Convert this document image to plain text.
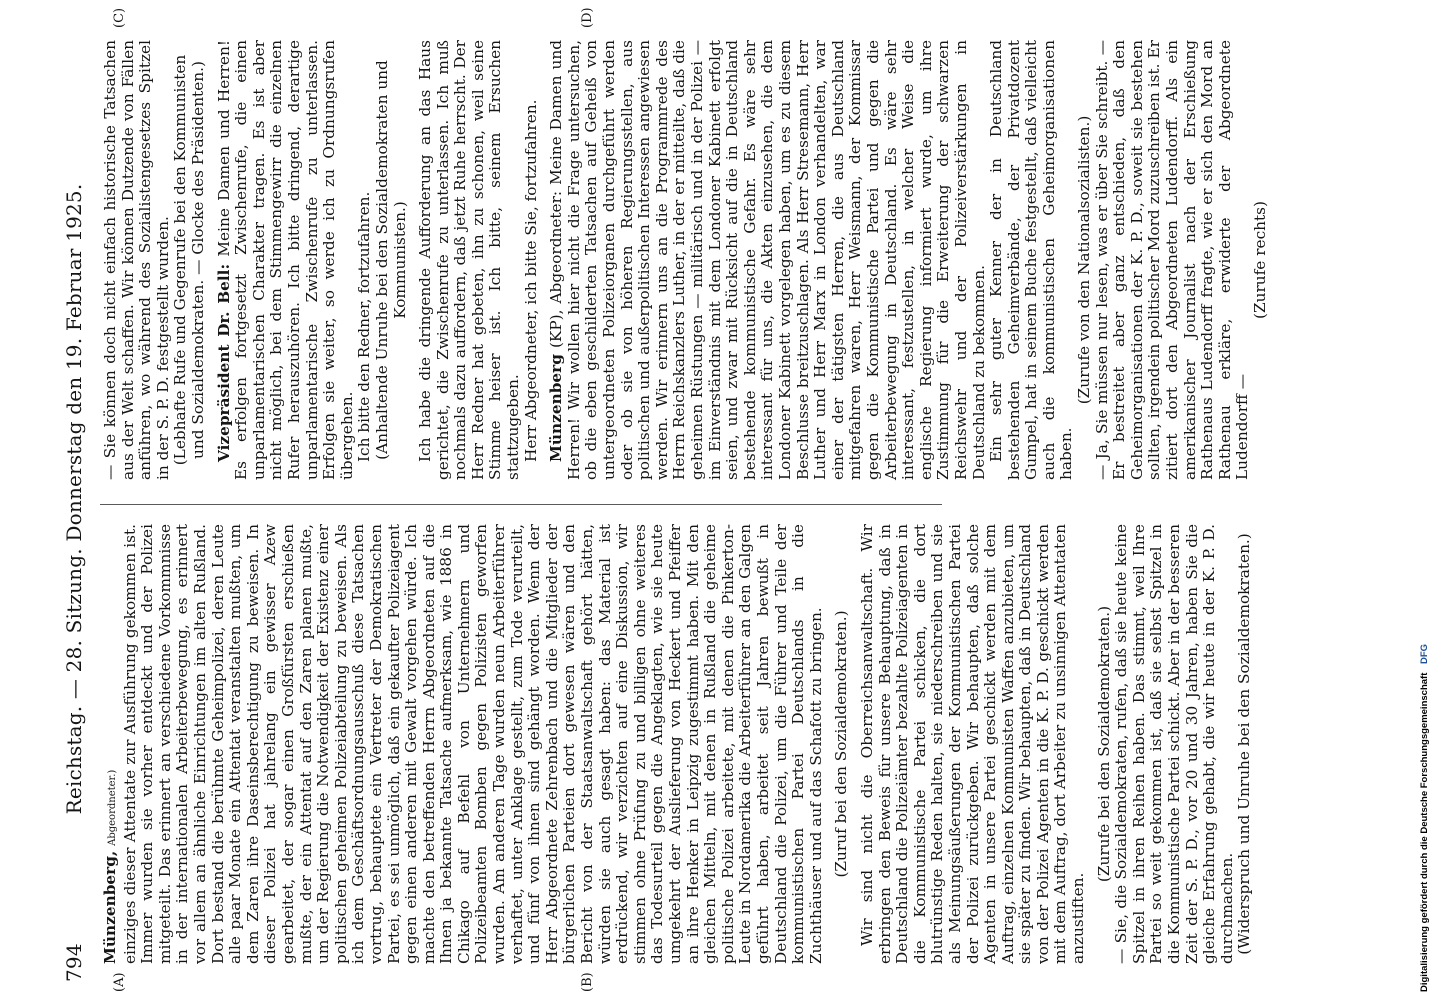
794
Reichstag. — 28. Sitzung. Donnerstag den 19. Februar 1925.
(A)	(B)
(C)	(D)

Münzenberg, Abgeordneter.) einziges dieser Attentate zur Ausführung gekommen ist. Immer wurden sie vorher entdeckt und der Polizei mitgeteilt. Das erinnert an verschiedene Vorkommnisse in der internationalen Arbeiterbewegung, es erinnert vor allem an ähnliche Einrichtungen im alten Rußland. Dort bestand die berühmte Geheimpolizei, deren Leute alle paar Monate ein Attentat veranstalten mußten, um dem Zaren ihre Daseinsberechtigung zu beweisen. In dieser Polizei hat jahrelang ein gewisser Azew gearbeitet, der sogar einen Großfürsten erschießen mußte, der ein Attentat auf den Zaren planen mußte, um der Regierung die Notwendigkeit der Existenz einer politischen geheimen Polizeiabteilung zu beweisen. Als ich dem Geschäftsordnungsausschuß diese Tatsachen vortrug, behauptete ein Vertreter der Demokratischen Partei, es sei unmöglich, daß ein gekaufter Polizeiagent gegen einen anderen mit Gewalt vorgehen würde. Ich machte den betreffenden Herrn Abgeordneten auf die Ihnen ja bekannte Tatsache aufmerksam, wie 1886 in Chikago auf Befehl von Unternehmern und Polizeibeamten Bomben gegen Polizisten geworfen wurden. Am anderen Tage wurden neun Arbeiterführer verhaftet, unter Anklage gestellt, zum Tode verurteilt, und fünf von ihnen sind gehängt worden. Wenn der Herr Abgeordnete Zehrenbach und die Mitglieder der bürgerlichen Parteien dort gewesen wären und den Bericht von der Staatsanwaltschaft gehört hätten, würden sie auch gesagt haben: das Material ist erdrückend, wir verzichten auf eine Diskussion, wir stimmen ohne Prüfung zu und billigen ohne weiteres das Todesurteil gegen die Angeklagten, wie sie heute umgekehrt der Auslieferung von Heckert und Pfeiffer an ihre Henker in Leipzig zugestimmt haben. Mit den gleichen Mitteln, mit denen in Rußland die geheime politische Polizei arbeitete, mit denen die Pinkerton-Leute in Nordamerika die Arbeiterführer an den Galgen geführt haben, arbeitet seit Jahren bewußt in Deutschland die Polizei, um die Führer und Teile der kommunistischen Partei Deutschlands in die Zuchthäuser und auf das Schafott zu bringen. (Zuruf bei den Sozialdemokraten.) Wir sind nicht die Oberreichsanwaltschaft. Wir erbringen den Beweis für unsere Behauptung, daß in Deutschland die Polizeiämter bezahlte Polizeiagenten in die Kommunistische Partei schicken, die dort blutrünstige Reden halten, sie niederschreiben und sie als Meinungsäußerungen der Kommunistischen Partei der Polizei zurückgeben. Wir behaupten, daß solche Agenten in unsere Partei geschickt werden mit dem Auftrag, einzelnen Kommunisten Waffen anzubieten, um sie später zu finden. Wir behaupten, daß in Deutschland von der Polizei Agenten in die K. P. D. geschickt werden mit dem Auftrag, dort Arbeiter zu unsinnigen Attentaten anzustiften.

(Zurufe bei den Sozialdemokraten.) — Sie, die Sozialdemokraten, rufen, daß sie heute keine Spitzel in ihren Reihen haben. Das stimmt, weil Ihre Partei so weit gekommen ist, daß sie selbst Spitzel in die Kommunistische Partei schickt. Aber in der besseren Zeit der S. P. D., vor 20 und 30 Jahren, haben Sie die gleiche Erfahrung gehabt, die wir heute in der K. P. D. durchmachen. (Widerspruch und Unruhe bei den Sozialdemokraten.)

— Sie können doch nicht einfach historische Tatsachen aus der Welt schaffen. Wir können Dutzende von Fällen anführen, wo während des Sozialistengesetzes Spitzel in der S. P. D. festgestellt wurden. (Lebhafte Rufe und Gegenrufe bei den Kommunisten und Sozialdemokraten. — Glocke des Präsidenten.) Vizepräsident Dr. Bell: Meine Damen und Herren! Es erfolgen fortgesetzt Zwischenrufe, die einen unparlamentarischen Charakter tragen. Es ist aber nicht möglich, bei dem Stimmengewirr die einzelnen Rufer herauszuhören. Ich bitte dringend, derartige unparlamentarische Zwischenrufe zu unterlassen. Erfolgen sie weiter, so werde ich zu Ordnungsrufen übergehen. Ich bitte den Redner, fortzufahren. (Anhaltende Unruhe bei den Sozialdemokraten und Kommunisten.) Ich habe die dringende Aufforderung an das Haus gerichtet, die Zwischenrufe zu unterlassen. Ich muß nochmals dazu auffordern, daß jetzt Ruhe herrscht. Der Herr Redner hat gebeten, ihn zu schonen, weil seine Stimme heiser ist. Ich bitte, seinem Ersuchen stattzugeben. Herr Abgeordneter, ich bitte Sie, fortzufahren. Münzenberg (KP), Abgeordneter: Meine Damen und Herren! Wir wollen hier nicht die Frage untersuchen, ob die eben geschilderten Tatsachen auf Geheiß von untergeordneten Polizeiorganen durchgeführt werden oder ob sie von höheren Regierungsstellen, aus politischen und außerpolitischen Interessen angewiesen werden. Wir erinnern uns an die Programmrede des Herrn Reichskanzlers Luther, in der er mitteilte, daß die geheimen Rüstungen — militärisch und in der Polizei — im Einverständnis mit dem Londoner Kabinett erfolgt seien, und zwar mit Rücksicht auf die in Deutschland bestehende kommunistische Gefahr. Es wäre sehr interessant für uns, die Akten einzusehen, die dem Londoner Kabinett vorgelegen haben, um es zu diesem Beschlusse breitzuschlagen. Als Herr Stresemann, Herr Luther und Herr Marx in London verhandelten, war einer der tätigsten Herren, die aus Deutschland mitgefahren waren, Herr Weismann, der Kommissar gegen die Kommunistische Partei und gegen die Arbeiterbewegung in Deutschland. Es wäre sehr interessant, festzustellen, in welcher Weise die englische Regierung informiert wurde, um ihre Zustimmung für die Erweiterung der schwarzen Reichswehr und der Polizeiverstärkungen in Deutschland zu bekommen. Ein sehr guter Kenner der in Deutschland bestehenden Geheimverbände, der Privatdozent Gumpel, hat in seinem Buche festgestellt, daß vielleicht auch die kommunistischen Geheimorganisationen haben.

(Zurufe von den Nationalsozialisten.) — Ja, Sie müssen nur lesen, was er über Sie schreibt. — Er bestreitet aber ganz entschieden, daß den Geheimorganisationen der K. P. D., soweit sie bestehen sollten, irgendein politischer Mord zuzuschreiben ist. Er zitiert dort den Abgeordneten Ludendorff. Als ein amerikanischer Journalist nach der Erschießung Rathenaus Ludendorff fragte, wie er sich den Mord an Rathenau erkläre, erwiderte der Abgeordnete Ludendorff —

(Zurufe rechts)

Digitalisierung gefördert durch die Deutsche Forschungsgemeinschaft DFG
